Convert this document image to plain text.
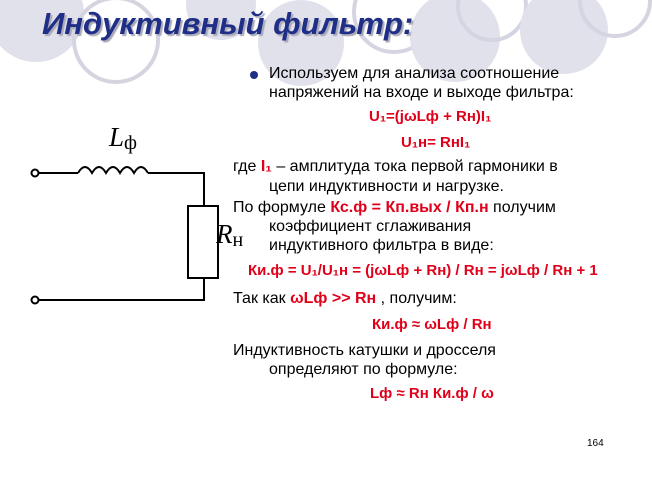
Индуктивный фильтр:
Lф
Rн
Используем для анализа соотношение
напряжений на входе и выходе фильтра:
U₁=(jωLф + Rн)I₁
U₁н= RнI₁
где I₁ – амплитуда тока первой гармоники в
цепи индуктивности и нагрузке.
По формуле Кс.ф = Кп.вых / Кп.н получим
коэффициент сглаживания
индуктивного фильтра в виде:
Ки.ф = U₁/U₁н = (jωLф + Rн) / Rн = jωLф / Rн + 1
Так как ωLф >> Rн , получим:
Ки.ф ≈ ωLф / Rн
Индуктивность катушки и дросселя
определяют по формуле:
Lф ≈ Rн Ки.ф / ω
164
